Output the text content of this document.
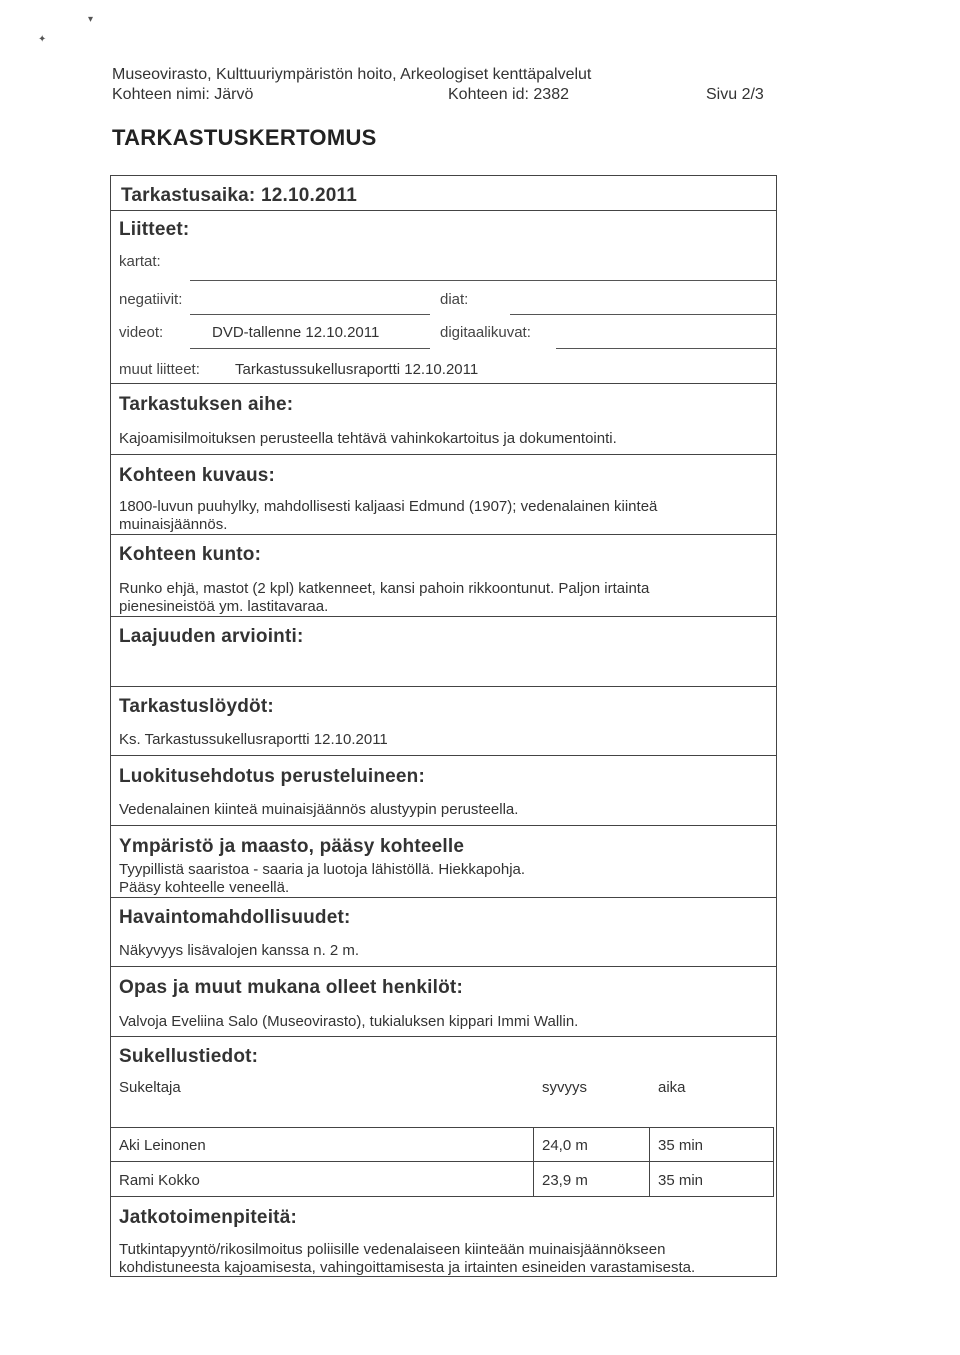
✦
▾
Museovirasto, Kulttuuriympäristön hoito, Arkeologiset kenttäpalvelut
Kohteen nimi: Järvö	Kohteen id: 2382	Sivu 2/3
TARKASTUSKERTOMUS
Tarkastusaika: 12.10.2011
Liitteet:
kartat:
negatiivit:	diat:
videot:	DVD-tallenne 12.10.2011	digitaalikuvat:
muut liitteet: Tarkastussukellusraportti 12.10.2011
Tarkastuksen aihe:
Kajoamisilmoituksen perusteella tehtävä vahinkokartoitus ja dokumentointi.
Kohteen kuvaus:
1800-luvun puuhylky, mahdollisesti kaljaasi Edmund (1907); vedenalainen kiinteä
muinaisjäännös.
Kohteen kunto:
Runko ehjä, mastot (2 kpl) katkenneet, kansi pahoin rikkoontunut. Paljon irtainta
pienesineistöä ym. lastitavaraa.
Laajuuden arviointi:
Tarkastuslöydöt:
Ks. Tarkastussukellusraportti 12.10.2011
Luokitusehdotus perusteluineen:
Vedenalainen kiinteä muinaisjäännös alustyypin perusteella.
Ympäristö ja maasto, pääsy kohteelle
Tyypillistä saaristoa - saaria ja luotoja lähistöllä. Hiekkapohja.
Pääsy kohteelle veneellä.
Havaintomahdollisuudet:
Näkyvyys lisävalojen kanssa n. 2 m.
Opas ja muut mukana olleet henkilöt:
Valvoja Eveliina Salo (Museovirasto), tukialuksen kippari Immi Wallin.
Sukellustiedot:
Sukeltaja	syvyys	aika
Aki Leinonen	24,0 m	35 min
Rami Kokko	23,9 m	35 min
Jatkotoimenpiteitä:
Tutkintapyyntö/rikosilmoitus poliisille vedenalaiseen kiinteään muinaisjäännökseen
kohdistuneesta kajoamisesta, vahingoittamisesta ja irtainten esineiden varastamisesta.
